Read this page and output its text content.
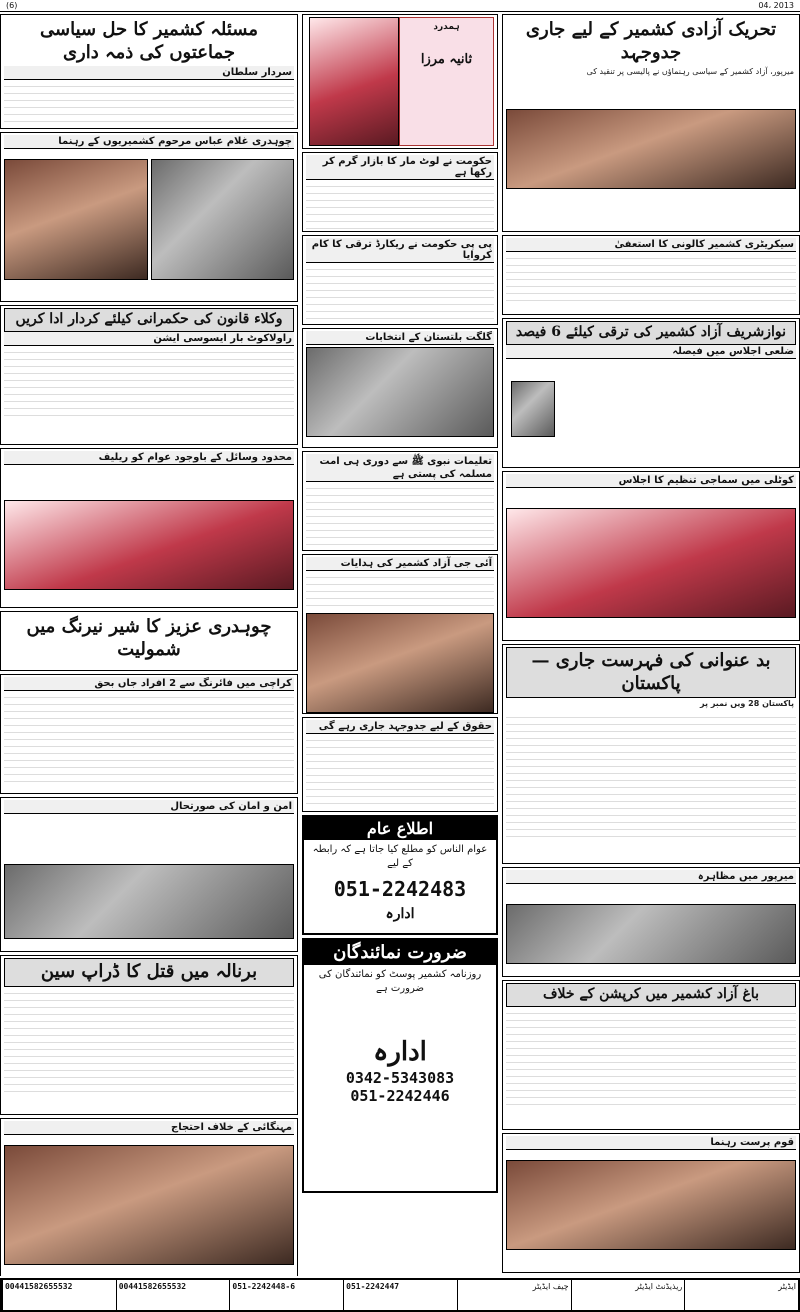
2013 ،04
(6)
تحریک آزادی کشمیر کے لیے جاری جدوجہد
میرپور، آزاد کشمیر کے سیاسی رہنماؤں نے پالیسی پر تنقید کی
سیکریٹری کشمیر کالونی کا استعفیٰ
نوازشریف آزاد کشمیر کی ترقی کیلئے 6 فیصد
ضلعی اجلاس میں فیصلہ
کوٹلی میں سماجی تنظیم کا اجلاس
بد عنوانی کی فہرست جاری — پاکستان
پاکستان 28 ویں نمبر پر
میرپور میں مظاہرہ
باغ آزاد کشمیر میں کرپشن کے خلاف
قوم پرست رہنما
ہمدرد
ثانیہ مرزا
حکومت نے لوٹ مار کا بازار گرم کر رکھا ہے
پی پی حکومت نے ریکارڈ ترقی کا کام کروایا
گلگت بلتستان کے انتخابات
تعلیمات نبوی ﷺ سے دوری ہی امت مسلمہ کی پستی ہے
آئی جی آزاد کشمیر کی ہدایات
حقوق کے لیے جدوجہد جاری رہے گی
اطلاع عام
عوام الناس کو مطلع کیا جاتا ہے کہ رابطہ کے لیے
051-2242483
ادارہ
ضرورت نمائندگان
روزنامہ کشمیر پوسٹ کو نمائندگان کی ضرورت ہے
ادارہ
0342-5343083
051-2242446
مسئلہ کشمیر کا حل سیاسی جماعتوں کی ذمہ داری
سردار سلطان
چوہدری غلام عباس مرحوم کشمیریوں کے رہنما
وکلاء قانون کی حکمرانی کیلئے کردار ادا کریں
راولاکوٹ بار ایسوسی ایشن
محدود وسائل کے باوجود عوام کو ریلیف
چوہدری عزیز کا شیر نیرنگ میں شمولیت
کراچی میں فائرنگ سے 2 افراد جاں بحق
امن و امان کی صورتحال
برنالہ میں قتل کا ڈراپ سین
مہنگائی کے خلاف احتجاج
ایڈیٹر
ریذیڈنٹ ایڈیٹر
چیف ایڈیٹر
051-2242447
051-2242448-6
00441582655532
00441582655532
